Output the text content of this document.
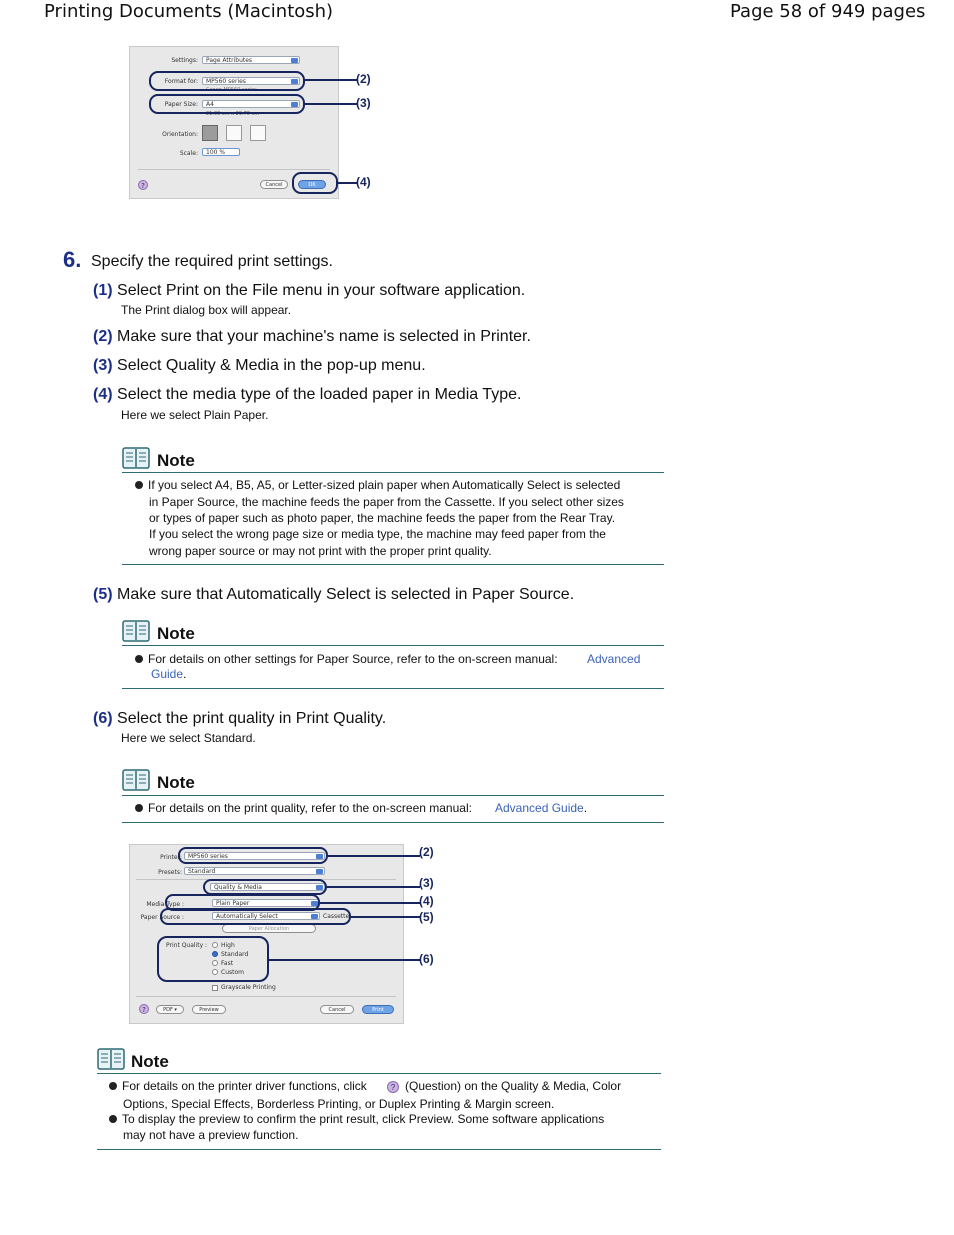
Printing Documents (Macintosh)	Page 58 of 949 pages
Settings:	Page Attributes
Format for:	MP560 series
Canon MP560 series
Paper Size:	A4
21.00 cm x 29.70 cm
Orientation:
Scale:	100 %
?	Cancel	OK
(2)
(3)
(4)
6. Specify the required print settings.
(1) Select Print on the File menu in your software application.
The Print dialog box will appear.
(2) Make sure that your machine's name is selected in Printer.
(3) Select Quality & Media in the pop-up menu.
(4) Select the media type of the loaded paper in Media Type.
Here we select Plain Paper.
Note
If you select A4, B5, A5, or Letter-sized plain paper when Automatically Select is selected
in Paper Source, the machine feeds the paper from the Cassette. If you select other sizes
or types of paper such as photo paper, the machine feeds the paper from the Rear Tray.
If you select the wrong page size or media type, the machine may feed paper from the
wrong paper source or may not print with the proper print quality.
(5) Make sure that Automatically Select is selected in Paper Source.
Note
For details on other settings for Paper Source, refer to the on-screen manual: Advanced
Guide.
(6) Select the print quality in Print Quality.
Here we select Standard.
Note
For details on the print quality, refer to the on-screen manual: Advanced Guide.
Printer:	MP560 series
Presets:	Standard
Quality & Media
Media Type :	Plain Paper
Paper Source :	Automatically Select	Cassette
Paper Allocation
Print Quality :	High
Standard
Fast
Custom
Grayscale Printing
?	PDF ▾	Preview	Cancel	Print
(2)
(3)
(4)
(5)
(6)
Note
For details on the printer driver functions, click	? (Question) on the Quality & Media, Color
Options, Special Effects, Borderless Printing, or Duplex Printing & Margin screen.
To display the preview to confirm the print result, click Preview. Some software applications
may not have a preview function.
